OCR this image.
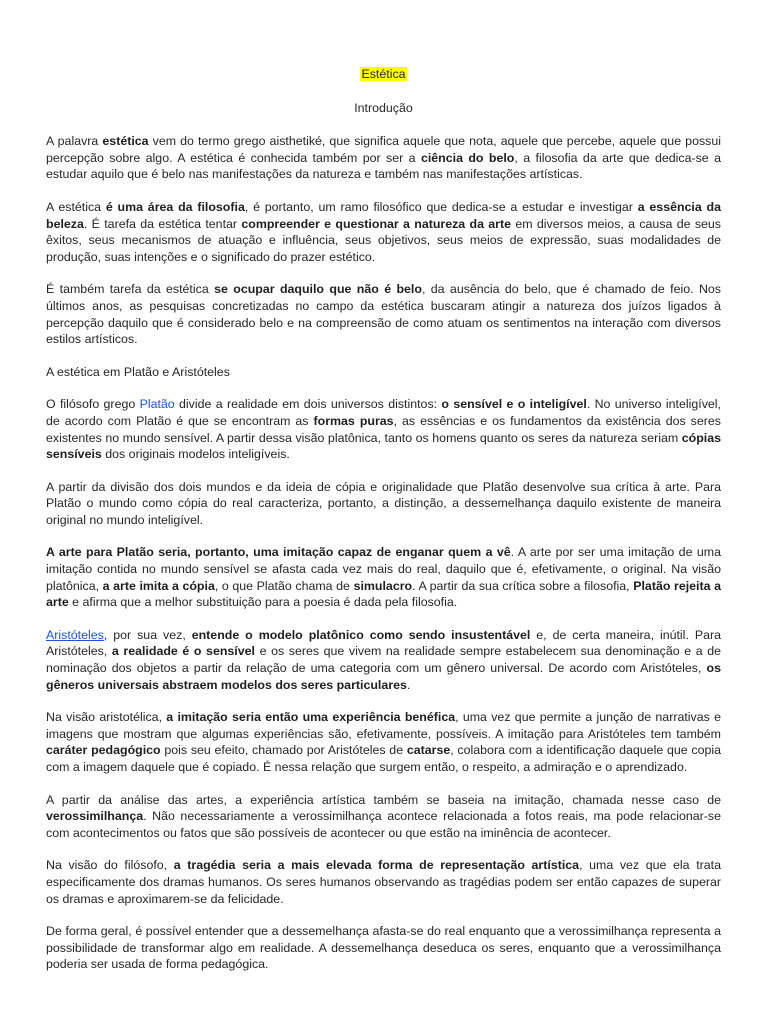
Estética
Introdução

A palavra estética vem do termo grego aisthetiké, que significa aquele que nota, aquele que percebe, aquele que possui percepção sobre algo. A estética é conhecida também por ser a ciência do belo, a filosofia da arte que dedica-se a estudar aquilo que é belo nas manifestações da natureza e também nas manifestações artísticas.

A estética é uma área da filosofia, é portanto, um ramo filosófico que dedica-se a estudar e investigar a essência da beleza. É tarefa da estética tentar compreender e questionar a natureza da arte em diversos meios, a causa de seus êxitos, seus mecanismos de atuação e influência, seus objetivos, seus meios de expressão, suas modalidades de produção, suas intenções e o significado do prazer estético.

É também tarefa da estética se ocupar daquilo que não é belo, da ausência do belo, que é chamado de feio. Nos últimos anos, as pesquisas concretizadas no campo da estética buscaram atingir a natureza dos juízos ligados à percepção daquilo que é considerado belo e na compreensão de como atuam os sentimentos na interação com diversos estilos artísticos.

A estética em Platão e Aristóteles

O filósofo grego Platão divide a realidade em dois universos distintos: o sensível e o inteligível. No universo inteligível, de acordo com Platão é que se encontram as formas puras, as essências e os fundamentos da existência dos seres existentes no mundo sensível. A partir dessa visão platônica, tanto os homens quanto os seres da natureza seriam cópias sensíveis dos originais modelos inteligíveis.

A partir da divisão dos dois mundos e da ideia de cópia e originalidade que Platão desenvolve sua crítica à arte. Para Platão o mundo como cópia do real caracteriza, portanto, a distinção, a dessemelhança daquilo existente de maneira original no mundo inteligível.

A arte para Platão seria, portanto, uma imitação capaz de enganar quem a vê. A arte por ser uma imitação de uma imitação contida no mundo sensível se afasta cada vez mais do real, daquilo que é, efetivamente, o original. Na visão platônica, a arte imita a cópia, o que Platão chama de simulacro. A partir da sua crítica sobre a filosofia, Platão rejeita a arte e afirma que a melhor substituição para a poesia é dada pela filosofia.

Aristóteles, por sua vez, entende o modelo platônico como sendo insustentável e, de certa maneira, inútil. Para Aristóteles, a realidade é o sensível e os seres que vivem na realidade sempre estabelecem sua denominação e a de nominação dos objetos a partir da relação de uma categoria com um gênero universal. De acordo com Aristóteles, os gêneros universais abstraem modelos dos seres particulares.

Na visão aristotélica, a imitação seria então uma experiência benéfica, uma vez que permite a junção de narrativas e imagens que mostram que algumas experiências são, efetivamente, possíveis. A imitação para Aristóteles tem também caráter pedagógico pois seu efeito, chamado por Aristóteles de catarse, colabora com a identificação daquele que copia com a imagem daquele que é copiado. É nessa relação que surgem então, o respeito, a admiração e o aprendizado.

A partir da análise das artes, a experiência artística também se baseia na imitação, chamada nesse caso de verossimilhança. Não necessariamente a verossimilhança acontece relacionada a fotos reais, ma pode relacionar-se com acontecimentos ou fatos que são possíveis de acontecer ou que estão na iminência de acontecer.

Na visão do filósofo, a tragédia seria a mais elevada forma de representação artística, uma vez que ela trata especificamente dos dramas humanos. Os seres humanos observando as tragédias podem ser então capazes de superar os dramas e aproximarem-se da felicidade.

De forma geral, é possível entender que a dessemelhança afasta-se do real enquanto que a verossimilhança representa a possibilidade de transformar algo em realidade. A dessemelhança deseduca os seres, enquanto que a verossimilhança poderia ser usada de forma pedagógica.
